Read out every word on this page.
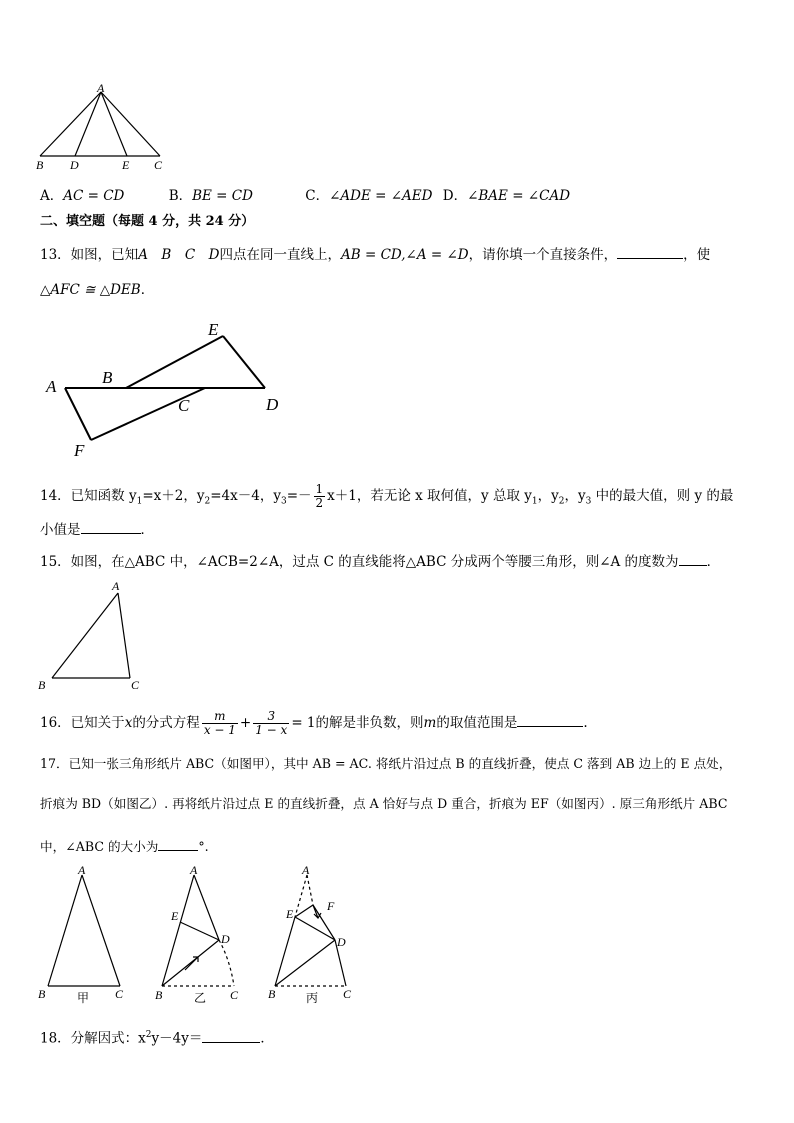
A
B D	E C
A．AC = CD	B．BE = CD	C．∠ADE = ∠AED D．∠BAE = ∠CAD
二、填空题（每题 4 分，共 24 分）
13．如图，已知A　B　C　D四点在同一直线上，AB = CD,∠A = ∠D，请你填一个直接条件，	，使
△AFC ≅ △DEB．
A	B
C	D
E
F
14．已知函数 $y_1=x+2$，$y_2=4x-4$，$y_3=- \frac{1}{2} x+1$，若无论 x 取何值，y 总取 $y_1$，$y_2$，$y_3$ 中的最大值，则 y 的最
小值是	．
15．如图，在△ABC 中，∠ACB=2∠A，过点 C 的直线能将△ABC 分成两个等腰三角形，则∠A 的度数为 ．
A
B	C
16．已知关于x的分式方程 $\frac{m}{x - 1} + \frac{3}{1 - x} = 1$的解是非负数，则m的取值范围是	.
17．已知一张三角形纸片 ABC（如图甲），其中 AB = AC. 将纸片沿过点 B 的直线折叠，使点 C 落到 AB 边上的 E 点处，
折痕为 BD（如图乙）. 再将纸片沿过点 E 的直线折叠，点 A 恰好与点 D 重合，折痕为 EF（如图丙）. 原三角形纸片 ABC
中，∠ABC 的大小为	°.
A
B	C
甲
A
E
D
B	C
乙
A
F
E
D
B	C
丙
18．分解因式：$x^2y-4y=$	．
